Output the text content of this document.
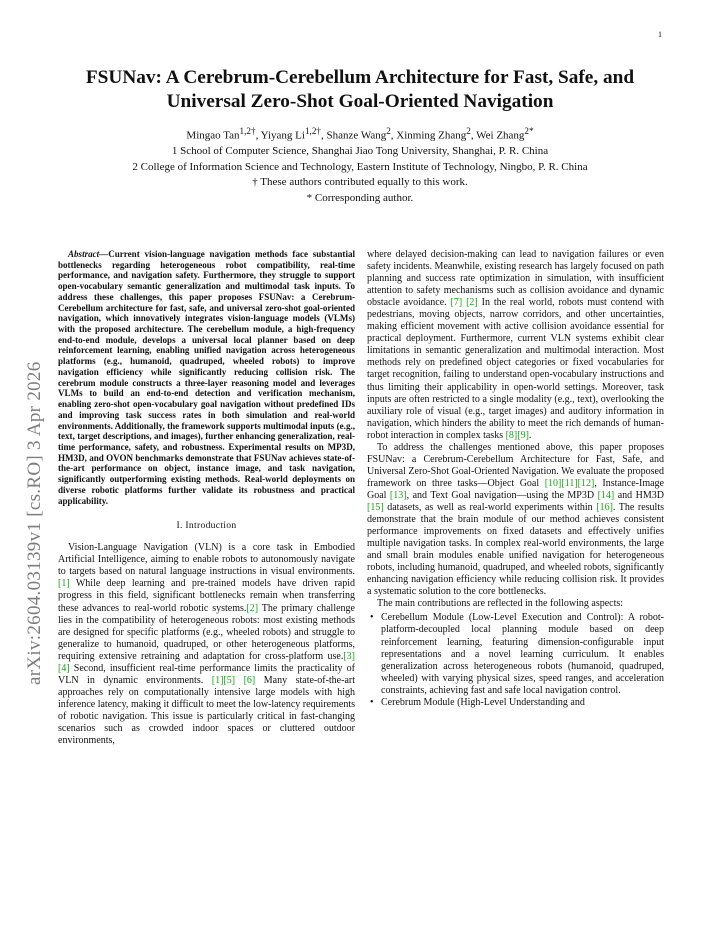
1
arXiv:2604.03139v1 [cs.RO] 3 Apr 2026
FSUNav: A Cerebrum-Cerebellum Architecture for Fast, Safe, and Universal Zero-Shot Goal-Oriented Navigation
Mingao Tan$^{1,2\dagger}$, Yiyang $Li^{1,2\dagger}$, Shanze Wang$^2$, Xinming Zhang$^2$, Wei Zhang$^{2*}$
1 School of Computer Science, Shanghai Jiao Tong University, Shanghai, P. R. China
2 College of Information Science and Technology, Eastern Institute of Technology, Ningbo, P. R. China
† These authors contributed equally to this work.
* Corresponding author.

Abstract—Current vision-language navigation methods face substantial bottlenecks regarding heterogeneous robot compatibility, real-time performance, and navigation safety. Furthermore, they struggle to support open-vocabulary semantic generalization and multimodal task inputs. To address these challenges, this paper proposes FSUNav: a Cerebrum-Cerebellum architecture for fast, safe, and universal zero-shot goal-oriented navigation, which innovatively integrates vision-language models (VLMs) with the proposed architecture. The cerebellum module, a high-frequency end-to-end module, develops a universal local planner based on deep reinforcement learning, enabling unified navigation across heterogeneous platforms (e.g., humanoid, quadruped, wheeled robots) to improve navigation efficiency while significantly reducing collision risk. The cerebrum module constructs a three-layer reasoning model and leverages VLMs to build an end-to-end detection and verification mechanism, enabling zero-shot open-vocabulary goal navigation without predefined IDs and improving task success rates in both simulation and real-world environments. Additionally, the framework supports multimodal inputs (e.g., text, target descriptions, and images), further enhancing generalization, real-time performance, safety, and robustness. Experimental results on MP3D, HM3D, and OVON benchmarks demonstrate that FSUNav achieves state-of-the-art performance on object, instance image, and task navigation, significantly outperforming existing methods. Real-world deployments on diverse robotic platforms further validate its robustness and practical applicability.

I. Introduction

Vision-Language Navigation (VLN) is a core task in Embodied Artificial Intelligence, aiming to enable robots to autonomously navigate to targets based on natural language instructions in visual environments. [1] While deep learning and pre-trained models have driven rapid progress in this field, significant bottlenecks remain when transferring these advances to real-world robotic systems.[2] The primary challenge lies in the compatibility of heterogeneous robots: most existing methods are designed for specific platforms (e.g., wheeled robots) and struggle to generalize to humanoid, quadruped, or other heterogeneous platforms, requiring extensive retraining and adaptation for cross-platform use.[3] [4] Second, insufficient real-time performance limits the practicality of VLN in dynamic environments. [1][5] [6] Many state-of-the-art approaches rely on computationally intensive large models with high inference latency, making it difficult to meet the low-latency requirements of robotic navigation. This issue is particularly critical in fast-changing scenarios such as crowded indoor spaces or cluttered outdoor environments,

where delayed decision-making can lead to navigation failures or even safety incidents. Meanwhile, existing research has largely focused on path planning and success rate optimization in simulation, with insufficient attention to safety mechanisms such as collision avoidance and dynamic obstacle avoidance. [7] [2] In the real world, robots must contend with pedestrians, moving objects, narrow corridors, and other uncertainties, making efficient movement with active collision avoidance essential for practical deployment. Furthermore, current VLN systems exhibit clear limitations in semantic generalization and multimodal interaction. Most methods rely on predefined object categories or fixed vocabularies for target recognition, failing to understand open-vocabulary instructions and thus limiting their applicability in open-world settings. Moreover, task inputs are often restricted to a single modality (e.g., text), overlooking the auxiliary role of visual (e.g., target images) and auditory information in navigation, which hinders the ability to meet the rich demands of human-robot interaction in complex tasks [8][9].

To address the challenges mentioned above, this paper proposes FSUNav: a Cerebrum-Cerebellum Architecture for Fast, Safe, and Universal Zero-Shot Goal-Oriented Navigation. We evaluate the proposed framework on three tasks—Object Goal [10][11][12], Instance-Image Goal [13], and Text Goal navigation—using the MP3D [14] and HM3D [15] datasets, as well as real-world experiments within [16]. The results demonstrate that the brain module of our method achieves consistent performance improvements on fixed datasets and effectively unifies multiple navigation tasks. In complex real-world environments, the large and small brain modules enable unified navigation for heterogeneous robots, including humanoid, quadruped, and wheeled robots, significantly enhancing navigation efficiency while reducing collision risk. It provides a systematic solution to the core bottlenecks.

The main contributions are reflected in the following aspects:

• Cerebellum Module (Low-Level Execution and Control): A robot-platform-decoupled local planning module based on deep reinforcement learning, featuring dimension-configurable input representations and a novel learning curriculum. It enables generalization across heterogeneous robots (humanoid, quadruped, wheeled) with varying physical sizes, speed ranges, and acceleration constraints, achieving fast and safe local navigation control.
• Cerebrum Module (High-Level Understanding and
